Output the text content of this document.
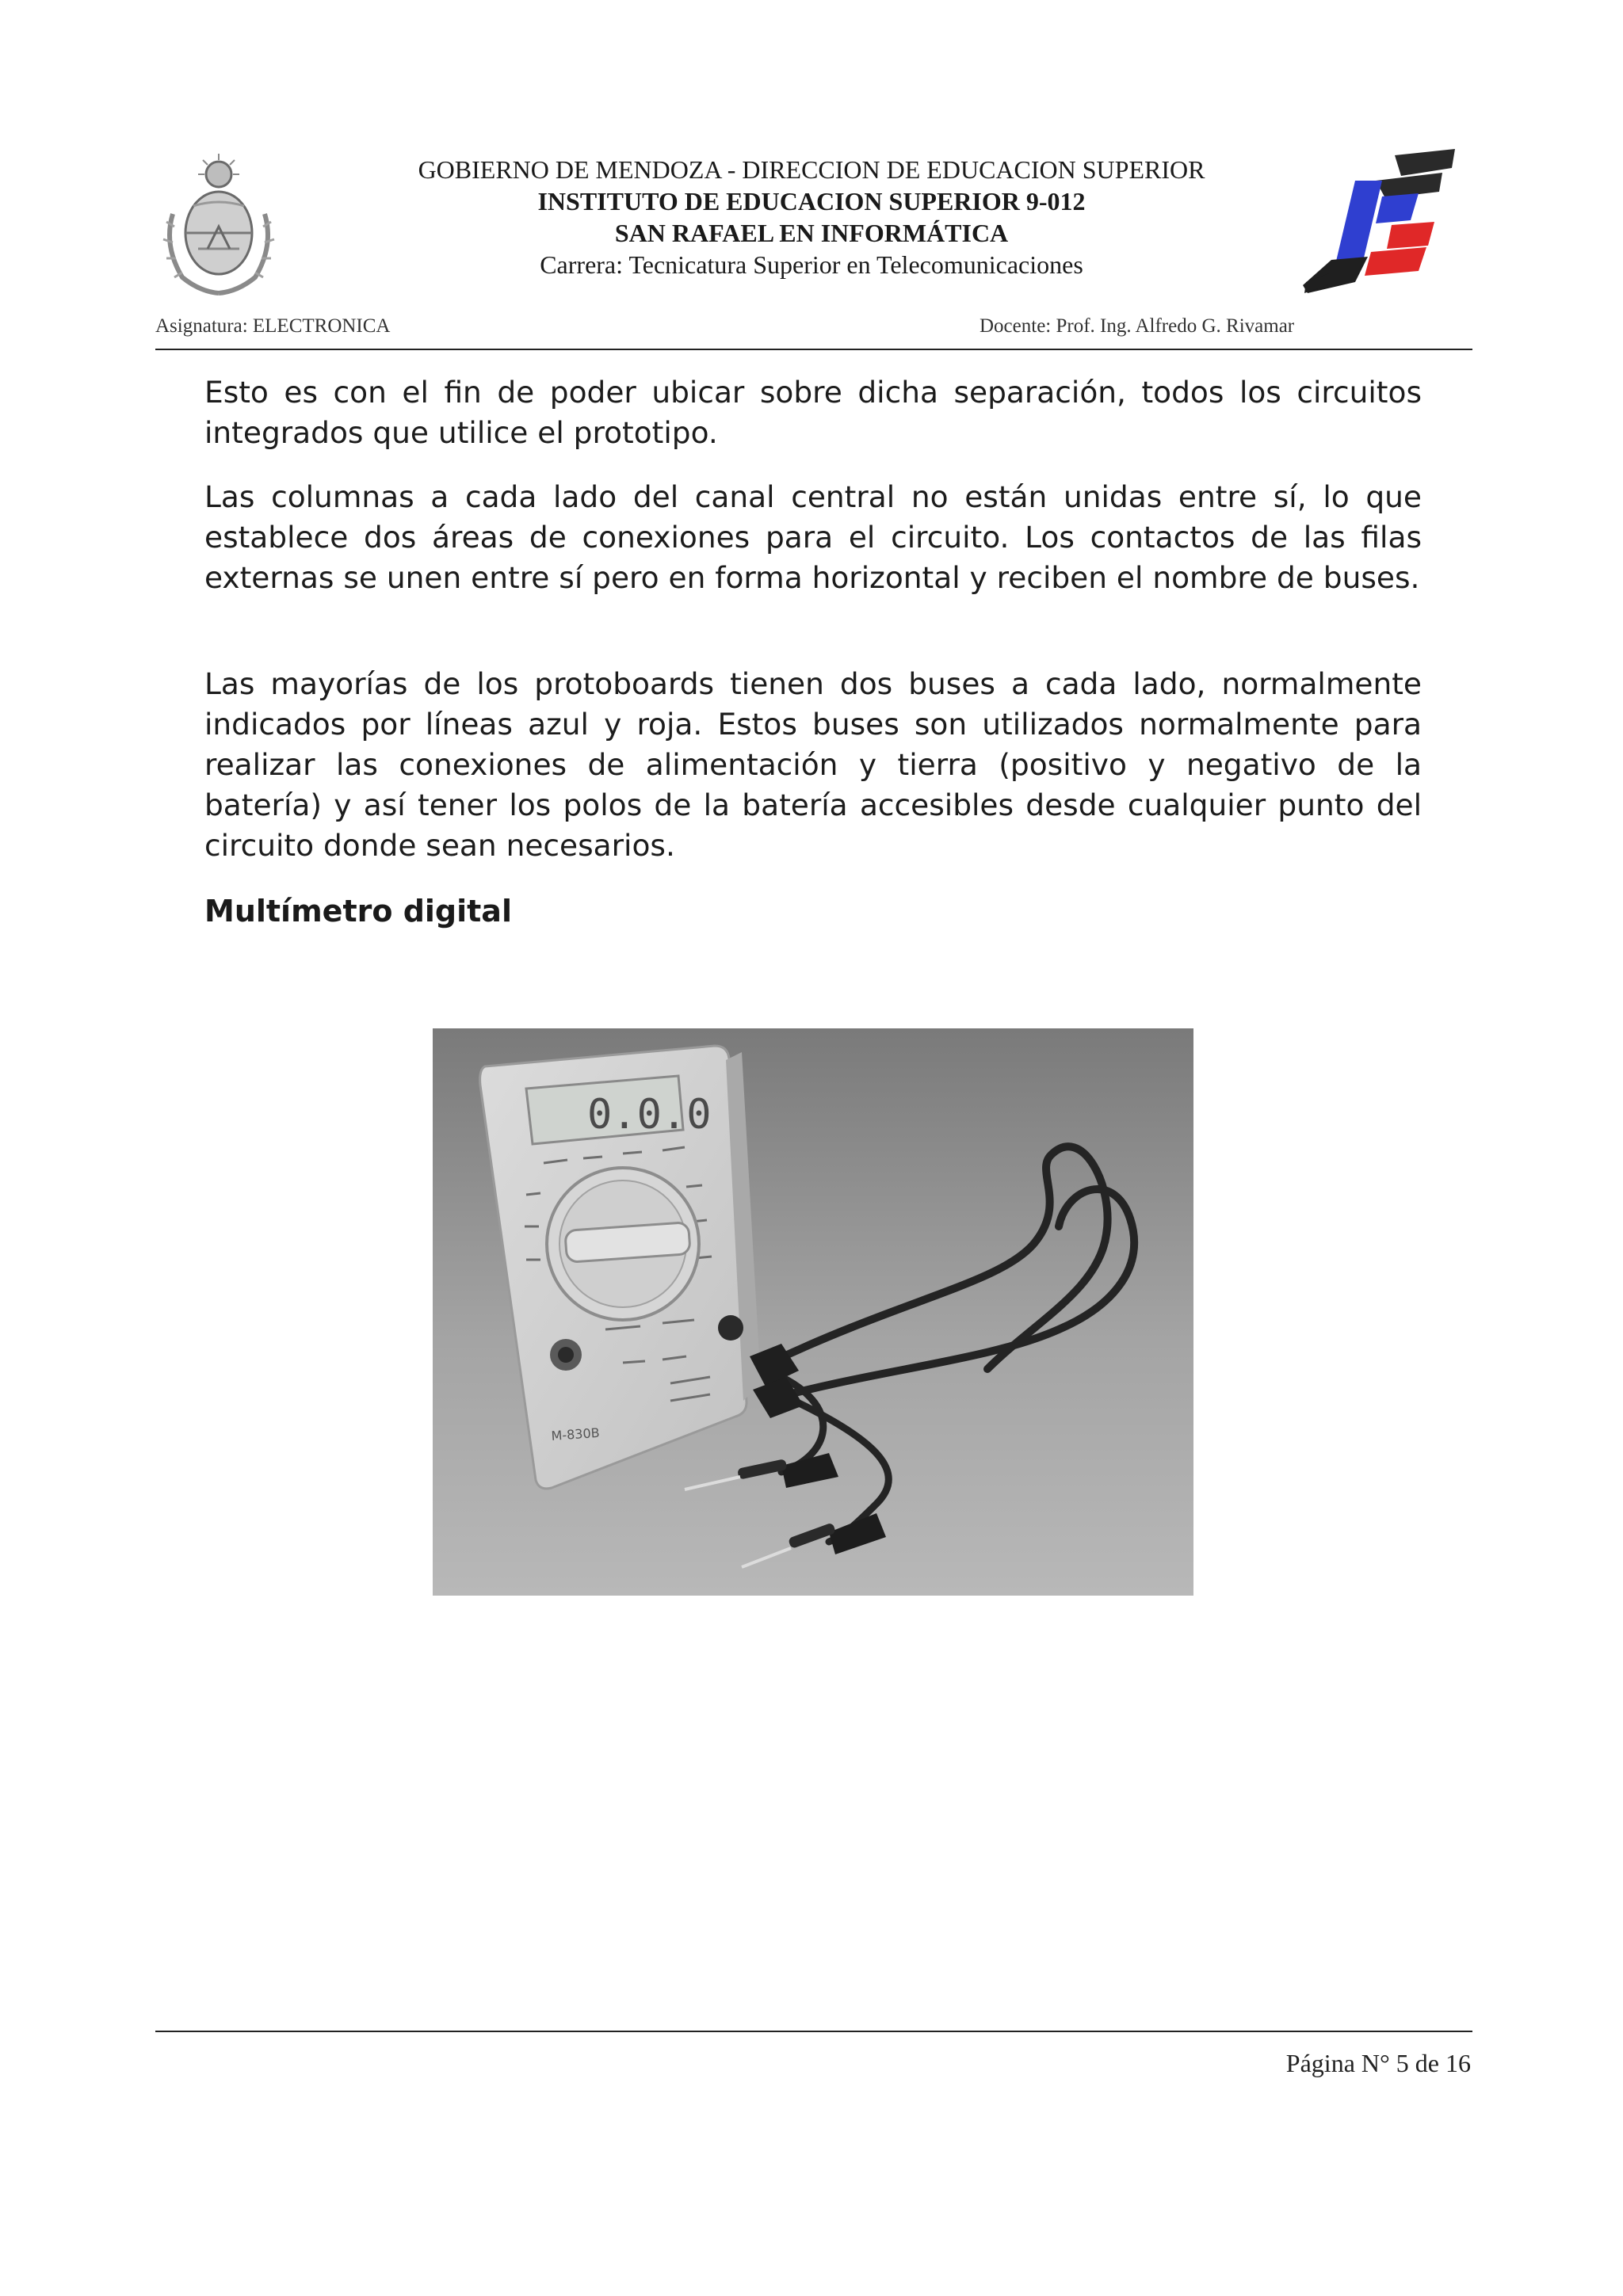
GOBIERNO DE MENDOZA - DIRECCION DE EDUCACION SUPERIOR
INSTITUTO DE EDUCACION SUPERIOR 9-012
SAN RAFAEL EN INFORMÁTICA
Carrera: Tecnicatura Superior en Telecomunicaciones
Asignatura: ELECTRONICA	Docente: Prof. Ing. Alfredo G. Rivamar

Esto es con el fin de poder ubicar sobre dicha separación, todos los circuitos integrados que utilice el prototipo.

Las columnas a cada lado del canal central no están unidas entre sí, lo que establece dos áreas de conexiones para el circuito. Los contactos de las filas externas se unen entre sí pero en forma horizontal y reciben el nombre de buses.

Las mayorías de los protoboards tienen dos buses a cada lado, normalmente indicados por líneas azul y roja. Estos buses son utilizados normalmente para realizar las conexiones de alimentación y tierra (positivo y negativo de la batería) y así tener los polos de la batería accesibles desde cualquier punto del circuito donde sean necesarios.

Multímetro digital
0.0.0
M-830B
Página N° 5 de 16
